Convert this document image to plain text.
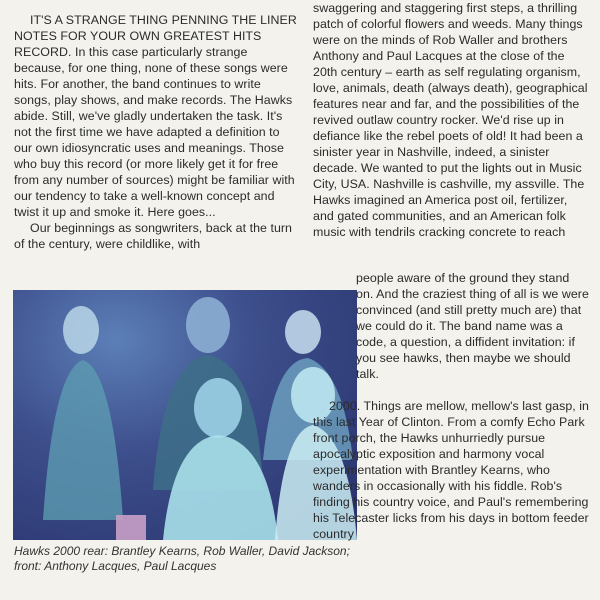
IT'S A STRANGE THING PENNING THE LINER NOTES FOR YOUR OWN GREATEST HITS RECORD. In this case particularly strange because, for one thing, none of these songs were hits. For another, the band continues to write songs, play shows, and make records. The Hawks abide. Still, we've gladly undertaken the task. It's not the first time we have adapted a definition to our own idiosyncratic uses and meanings. Those who buy this record (or more likely get it for free from any number of sources) might be familiar with our tendency to take a well-known concept and twist it up and smoke it. Here goes...

Our beginnings as songwriters, back at the turn of the century, were childlike, with

swaggering and staggering first steps, a thrilling patch of colorful flowers and weeds. Many things were on the minds of Rob Waller and brothers Anthony and Paul Lacques at the close of the 20th century – earth as self regulating organism, love, animals, death (always death), geographical features near and far, and the possibilities of the revived outlaw country rocker. We'd rise up in defiance like the rebel poets of old! It had been a sinister year in Nashville, indeed, a sinister decade. We wanted to put the lights out in Music City, USA. Nashville is cashville, my assville. The Hawks imagined an America post oil, fertilizer, and gated communities, and an American folk music with tendrils cracking concrete to reach

people aware of the ground they stand on. And the craziest thing of all is we were convinced (and still pretty much are) that we could do it. The band name was a code, a question, a diffident invitation: if you see hawks, then maybe we should talk.

2000. Things are mellow, mellow's last gasp, in this last Year of Clinton. From a comfy Echo Park front porch, the Hawks unhurriedly pursue apocalyptic exposition and harmony vocal experimentation with Brantley Kearns, who wanders in occasionally with his fiddle. Rob's finding his country voice, and Paul's remembering his Telecaster licks from his days in bottom feeder country

Hawks 2000 rear: Brantley Kearns, Rob Waller, David Jackson; front: Anthony Lacques, Paul Lacques
